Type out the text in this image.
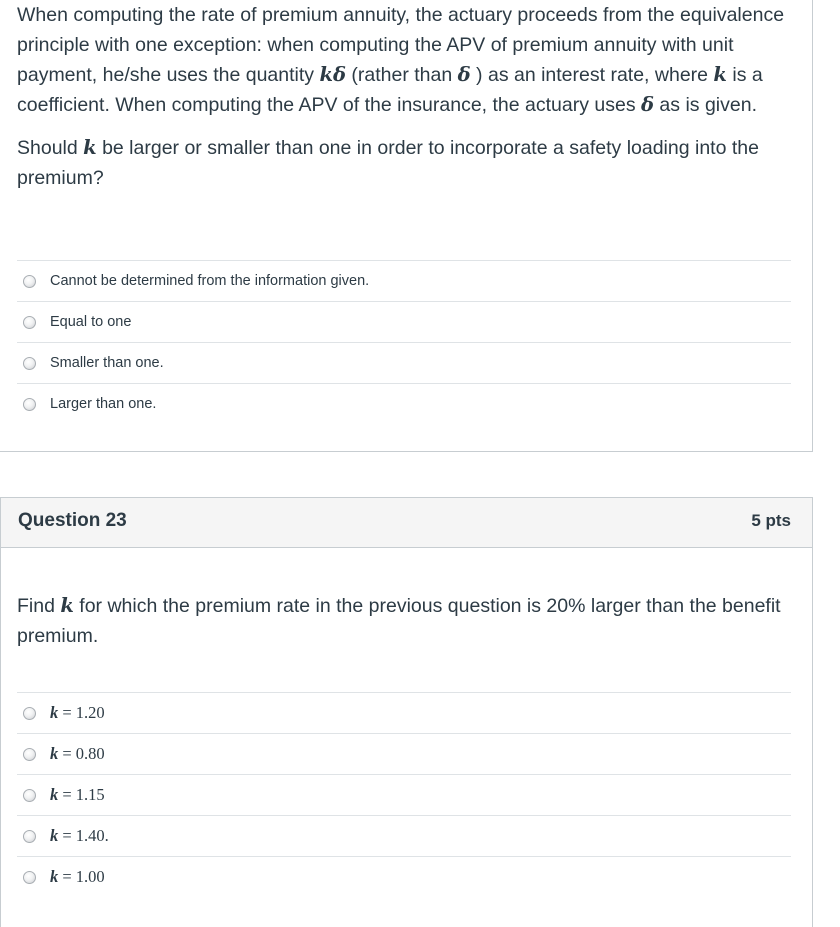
When computing the rate of premium annuity, the actuary proceeds from the equivalence principle with one exception: when computing the APV of premium annuity with unit payment, he/she uses the quantity kδ (rather than δ ) as an interest rate, where k is a coefficient. When computing the APV of the insurance, the actuary uses δ as is given.

Should k be larger or smaller than one in order to incorporate a safety loading into the premium?

Cannot be determined from the information given.
Equal to one
Smaller than one.
Larger than one.
Question 23	5 pts

Find k for which the premium rate in the previous question is 20% larger than the benefit premium.

k = 1.20
k = 0.80
k = 1.15
k = 1.40.
k = 1.00
